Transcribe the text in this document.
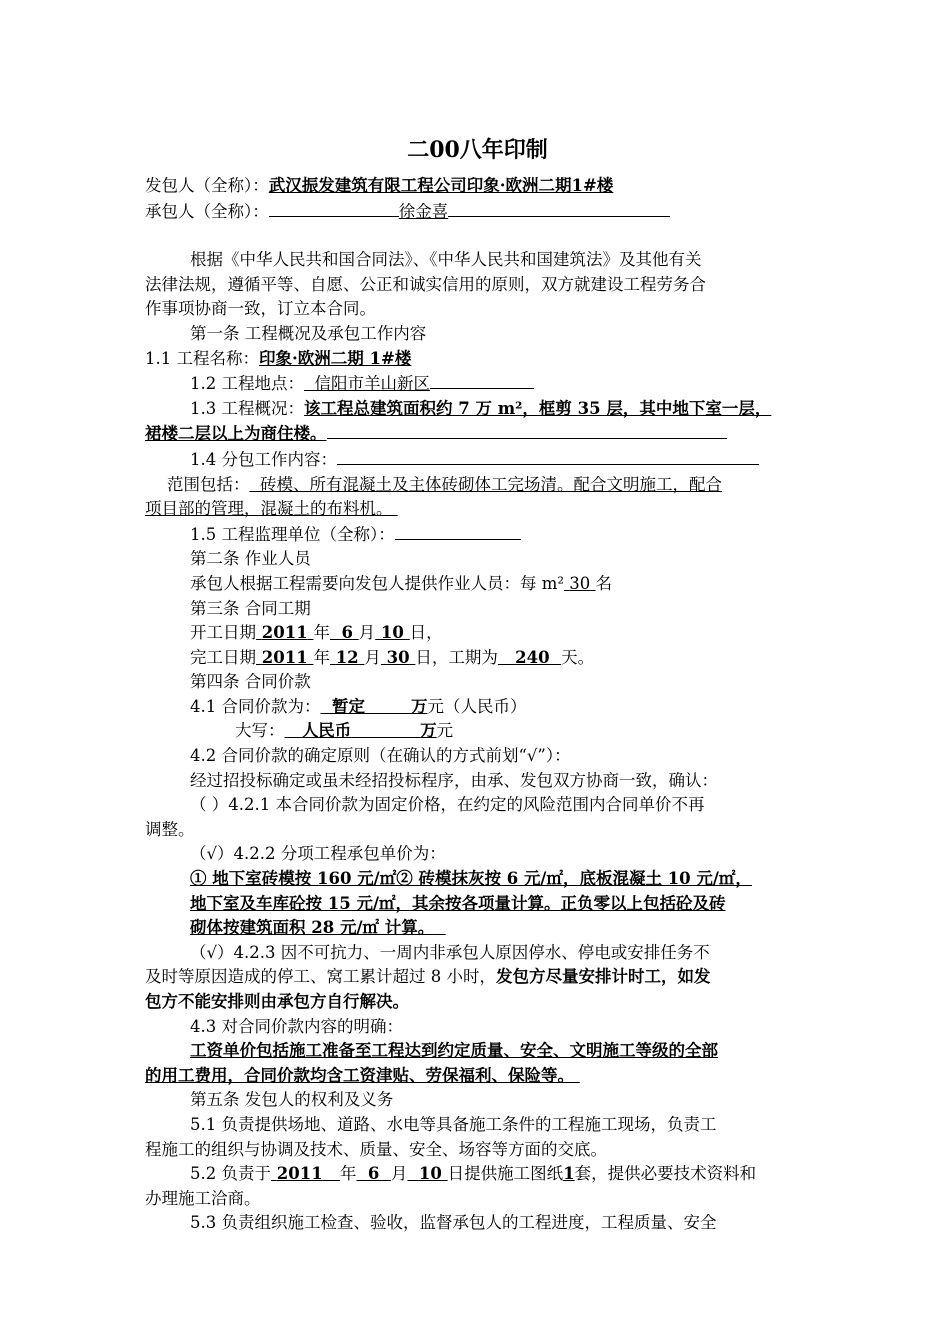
二00八年印制
发包人（全称）：武汉振发建筑有限工程公司印象·欧洲二期1#楼
承包人（全称）：	徐金喜
根据《中华人民共和国合同法》、《中华人民共和国建筑法》及其他有关
法律法规，遵循平等、自愿、公正和诚实信用的原则，双方就建设工程劳务合
作事项协商一致，订立本合同。
第一条 工程概况及承包工作内容
1.1 工程名称：印象·欧洲二期 1#楼
1.2 工程地点： 信阳市羊山新区
1.3 工程概况：该工程总建筑面积约 7 万 m²，框剪 35 层，其中地下室一层，
裙楼二层以上为商住楼。
1.4 分包工作内容：
范围包括： 砖模、所有混凝土及主体砖砌体工完场清。配合文明施工，配合
项目部的管理，混凝土的布料机。
1.5 工程监理单位（全称）：
第二条 作业人员
承包人根据工程需要向发包人提供作业人员：每 m² 30 名
第三条 合同工期
开工日期 2011 年 6 月 10 日，
完工日期 2011 年 12 月 30 日，工期为 240 天。
第四条 合同价款
4.1 合同价款为： 暂定	万元（人民币）
大写： 人民币	万元
4.2 合同价款的确定原则（在确认的方式前划“√”）：
经过招投标确定或虽未经招投标程序，由承、发包双方协商一致，确认：
（ ）4.2.1 本合同价款为固定价格，在约定的风险范围内合同单价不再
调整。
（√）4.2.2 分项工程承包单价为：
① 地下室砖模按 160 元/㎡② 砖模抹灰按 6 元/㎡，底板混凝土 10 元/㎡，
地下室及车库砼按 15 元/㎡，其余按各项量计算。正负零以上包括砼及砖
砌体按建筑面积 28 元/㎡ 计算。
（√）4.2.3 因不可抗力、一周内非承包人原因停水、停电或安排任务不
及时等原因造成的停工、窝工累计超过 8 小时，发包方尽量安排计时工，如发
包方不能安排则由承包方自行解决。
4.3 对合同价款内容的明确：
工资单价包括施工准备至工程达到约定质量、安全、文明施工等级的全部
的用工费用，合同价款均含工资津贴、劳保福利、保险等。
第五条 发包人的权利及义务
5.1 负责提供场地、道路、水电等具备施工条件的工程施工现场，负责工
程施工的组织与协调及技术、质量、安全、场容等方面的交底。
5.2 负责于 2011 年 6 月 10 日提供施工图纸1套，提供必要技术资料和
办理施工洽商。
5.3 负责组织施工检查、验收，监督承包人的工程进度，工程质量、安全
